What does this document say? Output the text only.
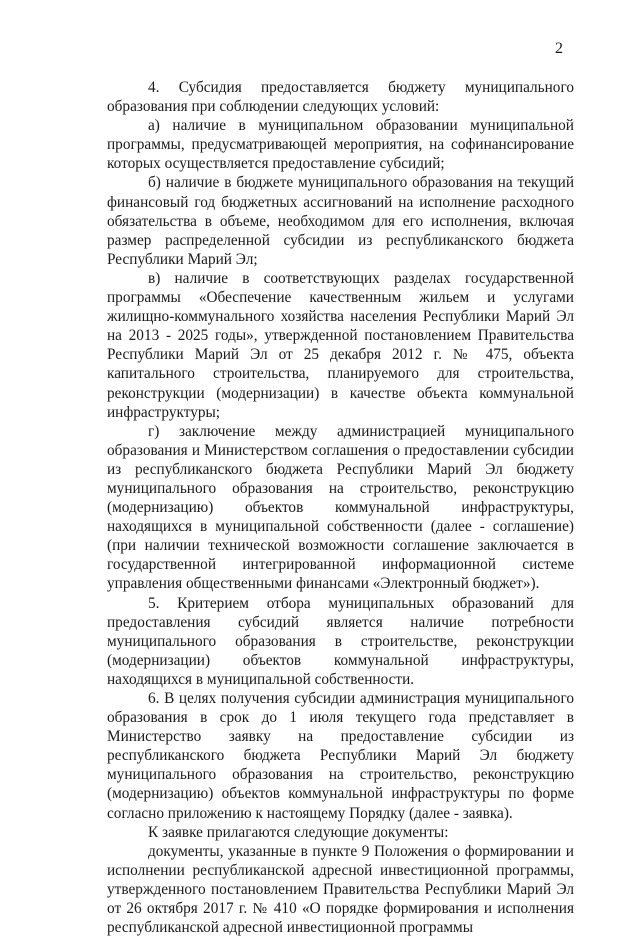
2

4. Субсидия предоставляется бюджету муниципального образования при соблюдении следующих условий:

а) наличие в муниципальном образовании муниципальной программы, предусматривающей мероприятия, на софинансирование которых осуществляется предоставление субсидий;

б) наличие в бюджете муниципального образования на текущий финансовый год бюджетных ассигнований на исполнение расходного обязательства в объеме, необходимом для его исполнения, включая размер распределенной субсидии из республиканского бюджета Республики Марий Эл;

в) наличие в соответствующих разделах государственной программы «Обеспечение качественным жильем и услугами жилищно-коммунального хозяйства населения Республики Марий Эл на 2013 - 2025 годы», утвержденной постановлением Правительства Республики Марий Эл от 25 декабря 2012 г. № 475, объекта капитального строительства, планируемого для строительства, реконструкции (модернизации) в качестве объекта коммунальной инфраструктуры;

г) заключение между администрацией муниципального образования и Министерством соглашения о предоставлении субсидии из республиканского бюджета Республики Марий Эл бюджету муниципального образования на строительство, реконструкцию (модернизацию) объектов коммунальной инфраструктуры, находящихся в муниципальной собственности (далее - соглашение) (при наличии технической возможности соглашение заключается в государственной интегрированной информационной системе управления общественными финансами «Электронный бюджет»).

5. Критерием отбора муниципальных образований для предоставления субсидий является наличие потребности муниципального образования в строительстве, реконструкции (модернизации) объектов коммунальной инфраструктуры, находящихся в муниципальной собственности.

6. В целях получения субсидии администрация муниципального образования в срок до 1 июля текущего года представляет в Министерство заявку на предоставление субсидии из республиканского бюджета Республики Марий Эл бюджету муниципального образования на строительство, реконструкцию (модернизацию) объектов коммунальной инфраструктуры по форме согласно приложению к настоящему Порядку (далее - заявка).

К заявке прилагаются следующие документы:

документы, указанные в пункте 9 Положения о формировании и исполнении республиканской адресной инвестиционной программы, утвержденного постановлением Правительства Республики Марий Эл от 26 октября 2017 г. № 410 «О порядке формирования и исполнения республиканской адресной инвестиционной программы
